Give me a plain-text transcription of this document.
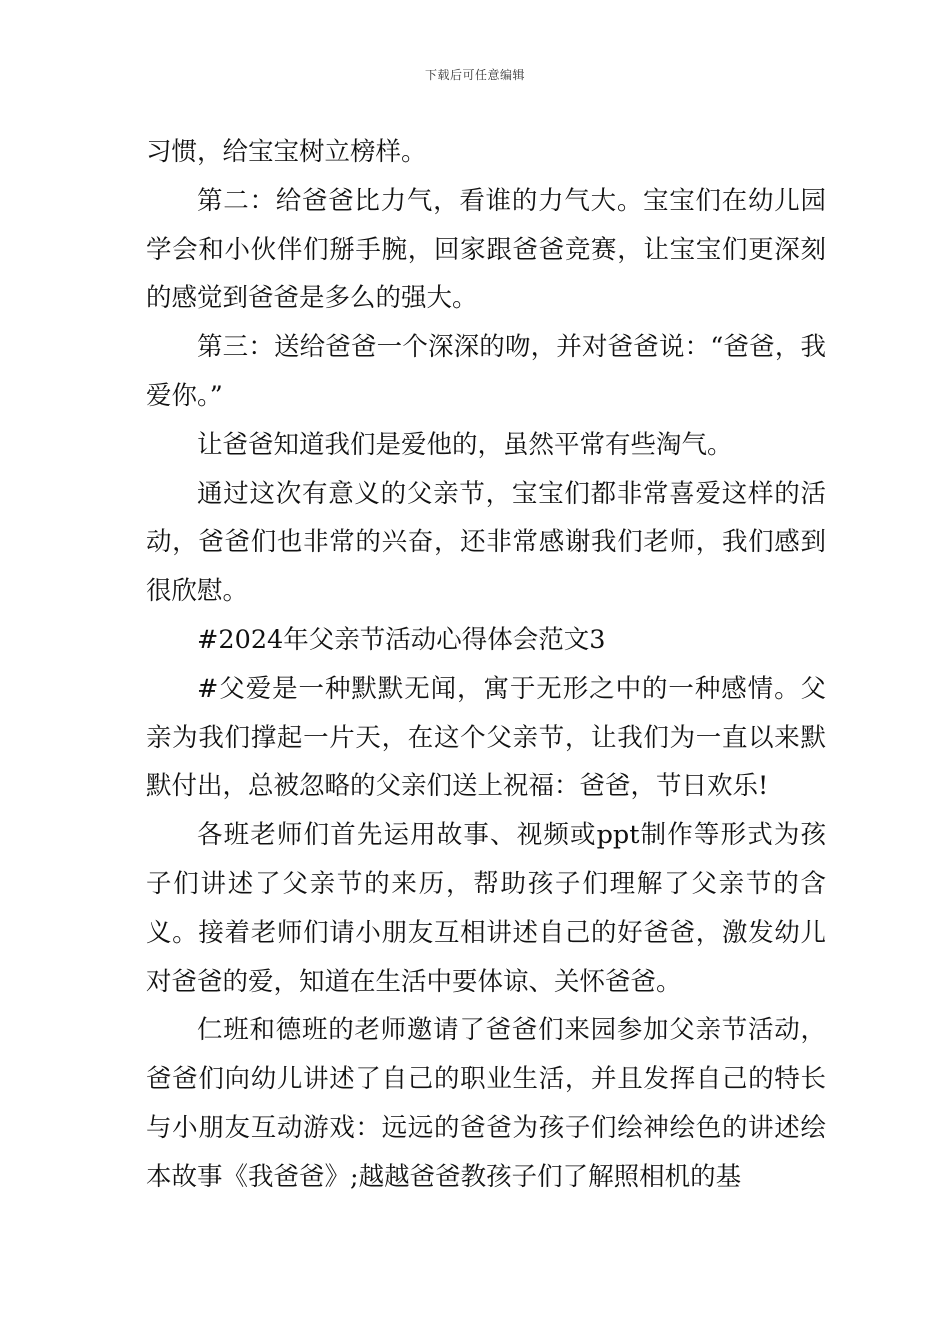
下载后可任意编辑

习惯，给宝宝树立榜样。

第二：给爸爸比力气，看谁的力气大。宝宝们在幼儿园学会和小伙伴们掰手腕，回家跟爸爸竞赛，让宝宝们更深刻的感觉到爸爸是多么的强大。

第三：送给爸爸一个深深的吻，并对爸爸说：“爸爸，我爱你。”

让爸爸知道我们是爱他的，虽然平常有些淘气。

通过这次有意义的父亲节，宝宝们都非常喜爱这样的活动，爸爸们也非常的兴奋，还非常感谢我们老师，我们感到很欣慰。

#2024年父亲节活动心得体会范文3

#父爱是一种默默无闻，寓于无形之中的一种感情。父亲为我们撑起一片天，在这个父亲节，让我们为一直以来默默付出，总被忽略的父亲们送上祝福：爸爸，节日欢乐!

各班老师们首先运用故事、视频或ppt制作等形式为孩子们讲述了父亲节的来历，帮助孩子们理解了父亲节的含义。接着老师们请小朋友互相讲述自己的好爸爸，激发幼儿对爸爸的爱，知道在生活中要体谅、关怀爸爸。

仁班和德班的老师邀请了爸爸们来园参加父亲节活动，爸爸们向幼儿讲述了自己的职业生活，并且发挥自己的特长与小朋友互动游戏：远远的爸爸为孩子们绘神绘色的讲述绘本故事《我爸爸》;越越爸爸教孩子们了解照相机的基
